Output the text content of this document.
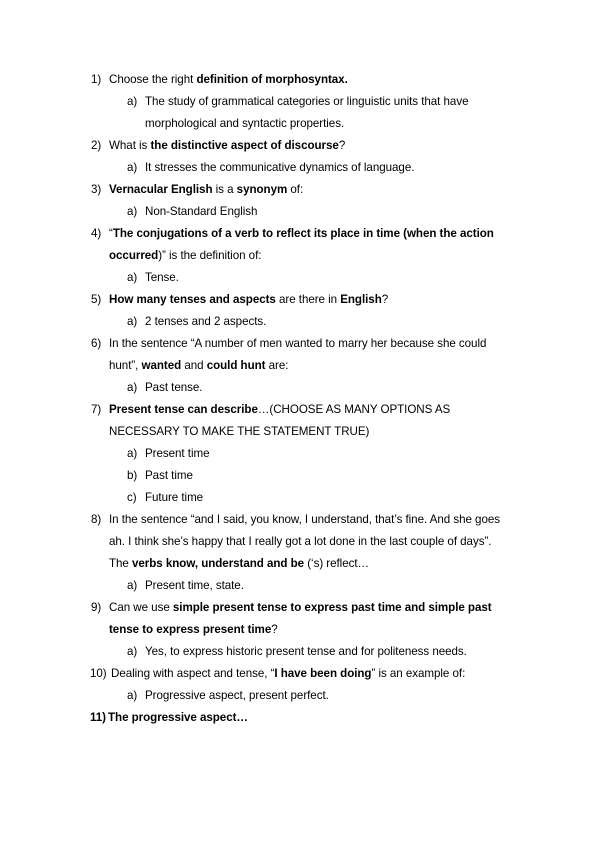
1) Choose the right definition of morphosyntax.
a) The study of grammatical categories or linguistic units that have
morphological and syntactic properties.
2) What is the distinctive aspect of discourse?
a) It stresses the communicative dynamics of language.
3) Vernacular English is a synonym of:
a) Non-Standard English
4) “The conjugations of a verb to reflect its place in time (when the action
occurred)” is the definition of:
a) Tense.
5) How many tenses and aspects are there in English?
a) 2 tenses and 2 aspects.
6) In the sentence “A number of men wanted to marry her because she could
hunt”, wanted and could hunt are:
a) Past tense.
7) Present tense can describe…(CHOOSE AS MANY OPTIONS AS
NECESSARY TO MAKE THE STATEMENT TRUE)
a) Present time
b) Past time
c) Future time
8) In the sentence “and I said, you know, I understand, that’s fine. And she goes
ah. I think she’s happy that I really got a lot done in the last couple of days”.
The verbs know, understand and be (‘s) reflect…
a) Present time, state.
9) Can we use simple present tense to express past time and simple past
tense to express present time?
a) Yes, to express historic present tense and for politeness needs.
10) Dealing with aspect and tense, “I have been doing” is an example of:
a) Progressive aspect, present perfect.
11) The progressive aspect…
